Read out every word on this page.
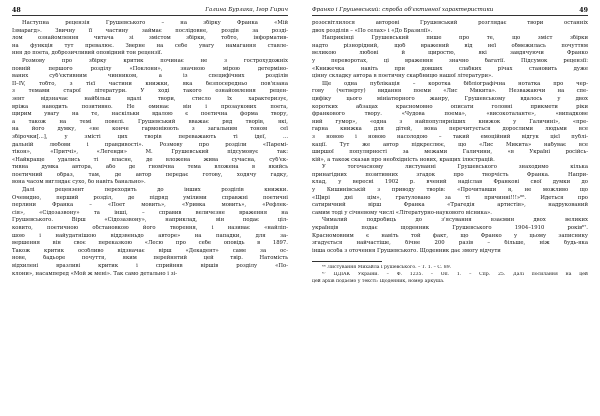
48	Галина Бурлака, Ігор Гирич
Наступна рецензія Грушевського – на збірку Франка «Мій
Ізмарагд». Звичну її частину займає послідовне, роздів за розді-
лом ознайомлення читача зі змістом збірки, тобто, інформатив-
на функція тут превалює. Зверне на себе увагу намагання ставле-
ння до поета, доброзичливий оповідний тон рецензії.
Розмову про збірку критик починає не з гострохудожніх
повній першого розділу «Поклони», значною мірою детерміно-
ваних суб'єктивним чинником, а із специфічних розділів
ІІ–IV, тобто, з тієї частини книжки, яка безпосередньо пов'язана
з темами старої літератури. У ході такого ознайомлення рецен-
зент відзначає найбільш вдалі твори, стисло їх характеризує,
вріжа наводить позитивно. Не оминає він і прозаукових поета,
щирим увагу на те, наскільки вдалою є поетична форма твору,
а також на темі повелі. Грушевський вважає ряд творів, які,
на його думку, «не конче гармоніюють з загальним тоном сеї
збірочки[...], у змісті цих творів переважають ті ідеї, ...
дальній любови і правдивості». Розмову про розділи «Паремі-
тікон», «Притчі», «Легенди» М. Грушевський підсумовує так:
«Найкраще удались ті власне, де вложена жива сучасна, суб'єк-
тивна думка автора, або де гномічна тема вложена в якийсь
поетичний образ, там, де автор передає готову, ходячу гадку,
вона часом виглядає сухо, бо навіть банально».
Далі рецензент переходить до інших розділів книжки.
Очевидно, перший розділ, де підряд умілими справжні поетичні
перлини Франка – «Поет мовить», «Уривка мовить», «Рефлек-
сія», «Сідозазвону» та інші, – справив величезне враження на
Грушевського. Вірш «Сідозазвону», наприклад, він подає ціл-
ковито, поетичною обстановкою його творення, і називає «найліп-
шою і найудатнішою віддзвеньдо авторе» на пападки, для за-
вершення він своє переказкою «Лесю про себе оповідь в 1897.
Також критик особливо відзначає вірш «Декадент» саме за ос-
нове, бадьоре почуття, яким перейнятий цей твір. Натомість
відхилені вразливі критик і сприйняв віршів розділу «По-
клони», насамперед «Мой ж мені». Так само детально і зі-
Франко і Грушевський: спроба об'єктивної характеристики	49
розосвітлилося авторові Грушевський розглядає твори останніх
двох розділів – «По селах» і «До Бразилії».
Наприкінці Грушевський пише про те, що зміст збірки
надто різнорідний, щоб вражений від неї обмежилась почуттям
великою любові й щиростю, які завдячуючи Франко
у переворотах, ці враження значно багатії. Підсумок рецензії:
«Книжечка навіть при довших слабких річах становить дуже
цінну складку автора в поетичну скарбницю нашої літератури».
Ще одна публікація – коротка бібліографічна нотатка про чер-
гову (четверту) видання поеми «Лис Микита». Незважаючи на спе-
цифіку цього мініатюрного жанру, Грушевському вдалось у двох
коротких абзацах красномовно описати головні прикмети ріки
франкового твору. «Чудова поема», «високоталанте», «випадкове
ний гумор», «одна з найпопулярніших книжок у Галичині», «пре-
гарна книжка для дітей, вона перечитується дорослими людьми все
з новою і новою насолодою – такий емоційний відгук цієї публі-
кації. Тут же автор підкреслює, що «Лис Микита» набуває все
ширшої популярності за межами Галичини, «в Україні російсь-
кій», а також сказав про необхідність нових, кращих ілюстрацій.
У тогочасному листуванні Грушевського знаходимо кілька
принагідних позитивних згадок про творчість Франка. Напри-
клад, у вересні 1902 р. вчений надіслав Франкові свої думки до
у Кишинівській з приводу творів: «Прочитавши я, не можливо що
«Щирі дні цім», гратуловано за ті причинні!!!»⁶⁶. Йдеться про
сатиричний вірш Франка «Трагедія артистів», надрукований
самим тоді у січневому числі «Літературно-наукового вісника».
Чималий подробиць до з'ясування взаємин двох великих
українців подає щоденник Грушевського 1904–1910 років⁶⁷.
Красномовним є навіть той факт, що Франко у цьому записнику
згадується найчастіше, бічне 200 разів – більше, ніж будь-яка
інша особа з оточення Грушевського. Щоденник дає змогу відчути
⁶⁶ Листування Михайла Грушевського. – Т. 1. – С. 89.
⁶⁷ ЦДІАК України. – Ф. 1235. – Оп. 1. – Спр. 25. Далі посилання на цей
цей архів подаємо у тексті: Щоденник, номер аркуша.
